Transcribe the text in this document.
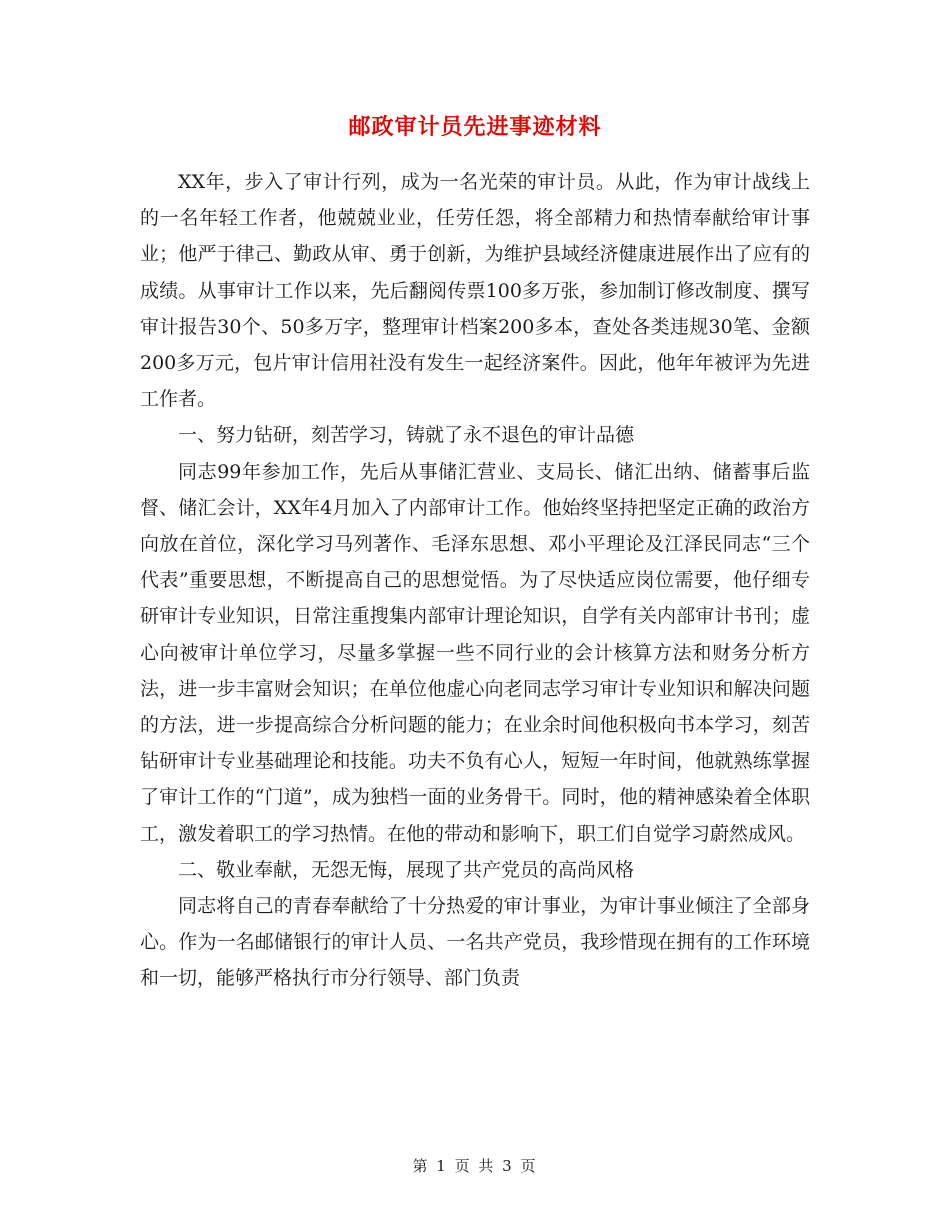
邮政审计员先进事迹材料

XX年，步入了审计行列，成为一名光荣的审计员。从此，作为审计战线上的一名年轻工作者，他兢兢业业，任劳任怨，将全部精力和热情奉献给审计事业；他严于律己、勤政从审、勇于创新，为维护县域经济健康进展作出了应有的成绩。从事审计工作以来，先后翻阅传票100多万张，参加制订修改制度、撰写审计报告30个、50多万字，整理审计档案200多本，查处各类违规30笔、金额200多万元，包片审计信用社没有发生一起经济案件。因此，他年年被评为先进工作者。

一、努力钻研，刻苦学习，铸就了永不退色的审计品德

同志99年参加工作，先后从事储汇营业、支局长、储汇出纳、储蓄事后监督、储汇会计，XX年4月加入了内部审计工作。他始终坚持把坚定正确的政治方向放在首位，深化学习马列著作、毛泽东思想、邓小平理论及江泽民同志“三个代表”重要思想，不断提高自己的思想觉悟。为了尽快适应岗位需要，他仔细专研审计专业知识，日常注重搜集内部审计理论知识，自学有关内部审计书刊；虚心向被审计单位学习，尽量多掌握一些不同行业的会计核算方法和财务分析方法，进一步丰富财会知识；在单位他虚心向老同志学习审计专业知识和解决问题的方法，进一步提高综合分析问题的能力；在业余时间他积极向书本学习，刻苦钻研审计专业基础理论和技能。功夫不负有心人，短短一年时间，他就熟练掌握了审计工作的“门道”，成为独档一面的业务骨干。同时，他的精神感染着全体职工，激发着职工的学习热情。在他的带动和影响下，职工们自觉学习蔚然成风。

二、敬业奉献，无怨无悔，展现了共产党员的高尚风格

同志将自己的青春奉献给了十分热爱的审计事业，为审计事业倾注了全部身心。作为一名邮储银行的审计人员、一名共产党员，我珍惜现在拥有的工作环境和一切，能够严格执行市分行领导、部门负责

第 1 页 共 3 页
